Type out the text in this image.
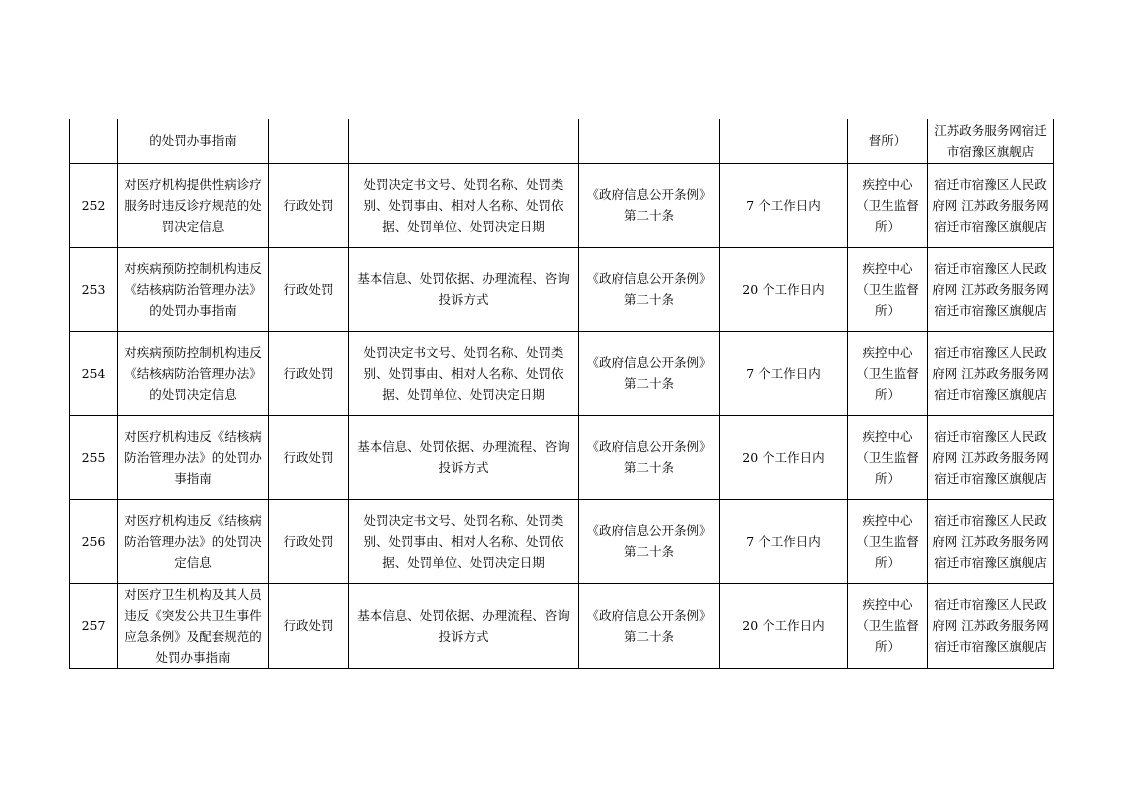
	的处罚办事指南					督所）	江苏政务服务网宿迁市宿豫区旗舰店

252	对医疗机构提供性病诊疗服务时违反诊疗规范的处罚决定信息	行政处罚	处罚决定书文号、处罚名称、处罚类别、处罚事由、相对人名称、处罚依据、处罚单位、处罚决定日期	《政府信息公开条例》第二十条	7 个工作日内	疾控中心（卫生监督所）	宿迁市宿豫区人民政府网 江苏政务服务网宿迁市宿豫区旗舰店

253	对疾病预防控制机构违反《结核病防治管理办法》的处罚办事指南	行政处罚	基本信息、处罚依据、办理流程、咨询投诉方式	《政府信息公开条例》第二十条	20 个工作日内	疾控中心（卫生监督所）	宿迁市宿豫区人民政府网 江苏政务服务网宿迁市宿豫区旗舰店

254	对疾病预防控制机构违反《结核病防治管理办法》的处罚决定信息	行政处罚	处罚决定书文号、处罚名称、处罚类别、处罚事由、相对人名称、处罚依据、处罚单位、处罚决定日期	《政府信息公开条例》第二十条	7 个工作日内	疾控中心（卫生监督所）	宿迁市宿豫区人民政府网 江苏政务服务网宿迁市宿豫区旗舰店

255	对医疗机构违反《结核病防治管理办法》的处罚办事指南	行政处罚	基本信息、处罚依据、办理流程、咨询投诉方式	《政府信息公开条例》第二十条	20 个工作日内	疾控中心（卫生监督所）	宿迁市宿豫区人民政府网 江苏政务服务网宿迁市宿豫区旗舰店

256	对医疗机构违反《结核病防治管理办法》的处罚决定信息	行政处罚	处罚决定书文号、处罚名称、处罚类别、处罚事由、相对人名称、处罚依据、处罚单位、处罚决定日期	《政府信息公开条例》第二十条	7 个工作日内	疾控中心（卫生监督所）	宿迁市宿豫区人民政府网 江苏政务服务网宿迁市宿豫区旗舰店

257	对医疗卫生机构及其人员违反《突发公共卫生事件应急条例》及配套规范的处罚办事指南	行政处罚	基本信息、处罚依据、办理流程、咨询投诉方式	《政府信息公开条例》第二十条	20 个工作日内	疾控中心（卫生监督所）	宿迁市宿豫区人民政府网 江苏政务服务网宿迁市宿豫区旗舰店
